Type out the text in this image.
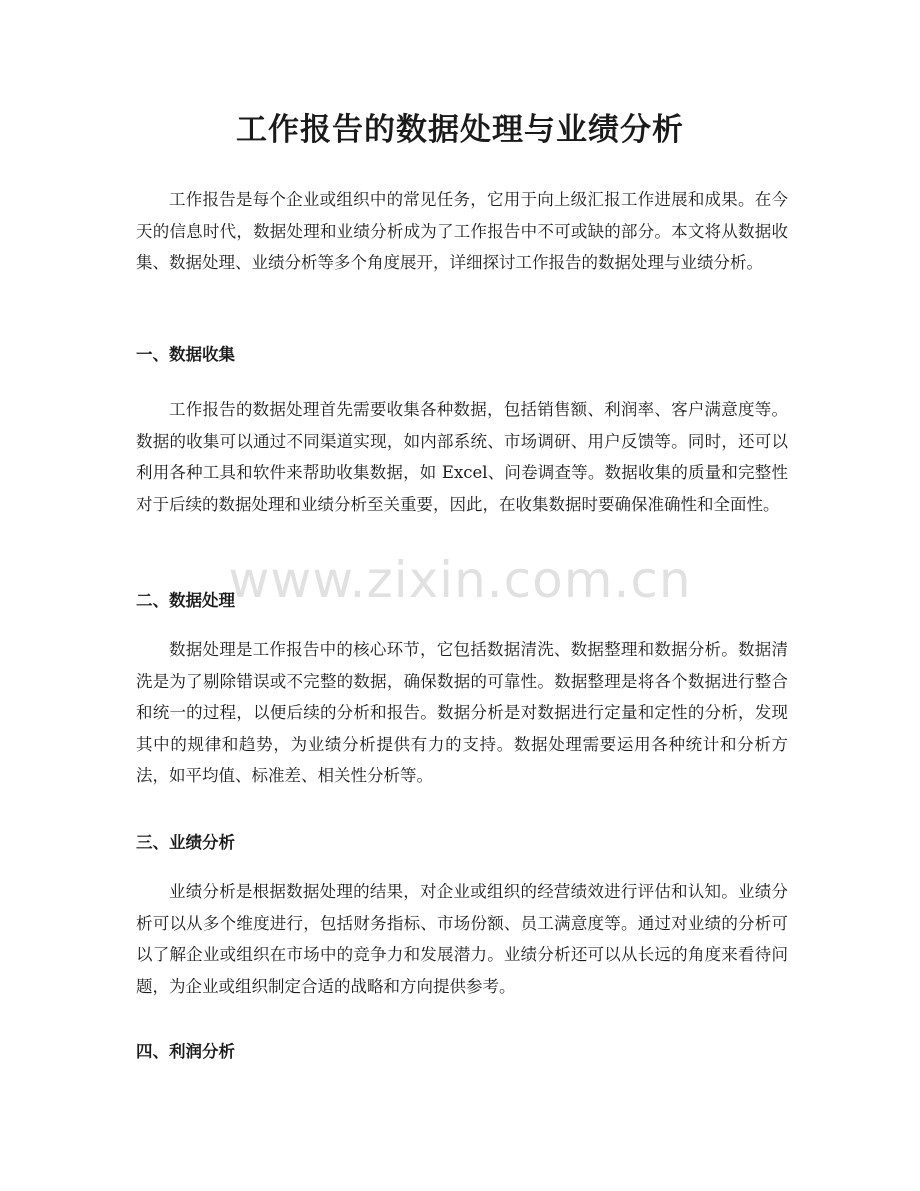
工作报告的数据处理与业绩分析

工作报告是每个企业或组织中的常见任务，它用于向上级汇报工作进展和成果。在今天的信息时代，数据处理和业绩分析成为了工作报告中不可或缺的部分。本文将从数据收集、数据处理、业绩分析等多个角度展开，详细探讨工作报告的数据处理与业绩分析。

一、数据收集

工作报告的数据处理首先需要收集各种数据，包括销售额、利润率、客户满意度等。数据的收集可以通过不同渠道实现，如内部系统、市场调研、用户反馈等。同时，还可以利用各种工具和软件来帮助收集数据，如 Excel、问卷调查等。数据收集的质量和完整性对于后续的数据处理和业绩分析至关重要，因此，在收集数据时要确保准确性和全面性。

二、数据处理

数据处理是工作报告中的核心环节，它包括数据清洗、数据整理和数据分析。数据清洗是为了剔除错误或不完整的数据，确保数据的可靠性。数据整理是将各个数据进行整合和统一的过程，以便后续的分析和报告。数据分析是对数据进行定量和定性的分析，发现其中的规律和趋势，为业绩分析提供有力的支持。数据处理需要运用各种统计和分析方法，如平均值、标准差、相关性分析等。

三、业绩分析

业绩分析是根据数据处理的结果，对企业或组织的经营绩效进行评估和认知。业绩分析可以从多个维度进行，包括财务指标、市场份额、员工满意度等。通过对业绩的分析可以了解企业或组织在市场中的竞争力和发展潜力。业绩分析还可以从长远的角度来看待问题，为企业或组织制定合适的战略和方向提供参考。

四、利润分析
www.zixin.com.cn
